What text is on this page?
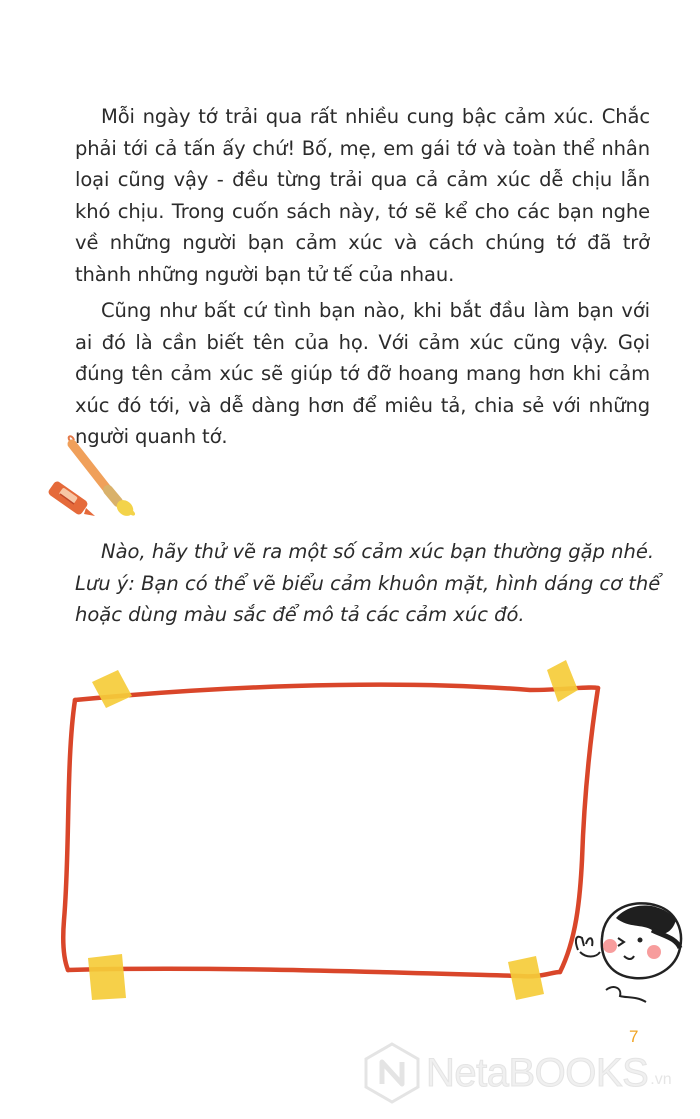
Mỗi ngày tớ trải qua rất nhiều cung bậc cảm xúc. Chắc phải tới cả tấn ấy chứ! Bố, mẹ, em gái tớ và toàn thể nhân loại cũng vậy - đều từng trải qua cả cảm xúc dễ chịu lẫn khó chịu. Trong cuốn sách này, tớ sẽ kể cho các bạn nghe về những người bạn cảm xúc và cách chúng tớ đã trở thành những người bạn tử tế của nhau.

Cũng như bất cứ tình bạn nào, khi bắt đầu làm bạn với ai đó là cần biết tên của họ. Với cảm xúc cũng vậy. Gọi đúng tên cảm xúc sẽ giúp tớ đỡ hoang mang hơn khi cảm xúc đó tới, và dễ dàng hơn để miêu tả, chia sẻ với những người quanh tớ.

Nào, hãy thử vẽ ra một số cảm xúc bạn thường gặp nhé. Lưu ý: Bạn có thể vẽ biểu cảm khuôn mặt, hình dáng cơ thể hoặc dùng màu sắc để mô tả các cảm xúc đó.

7
NetaBOOKS .vn
